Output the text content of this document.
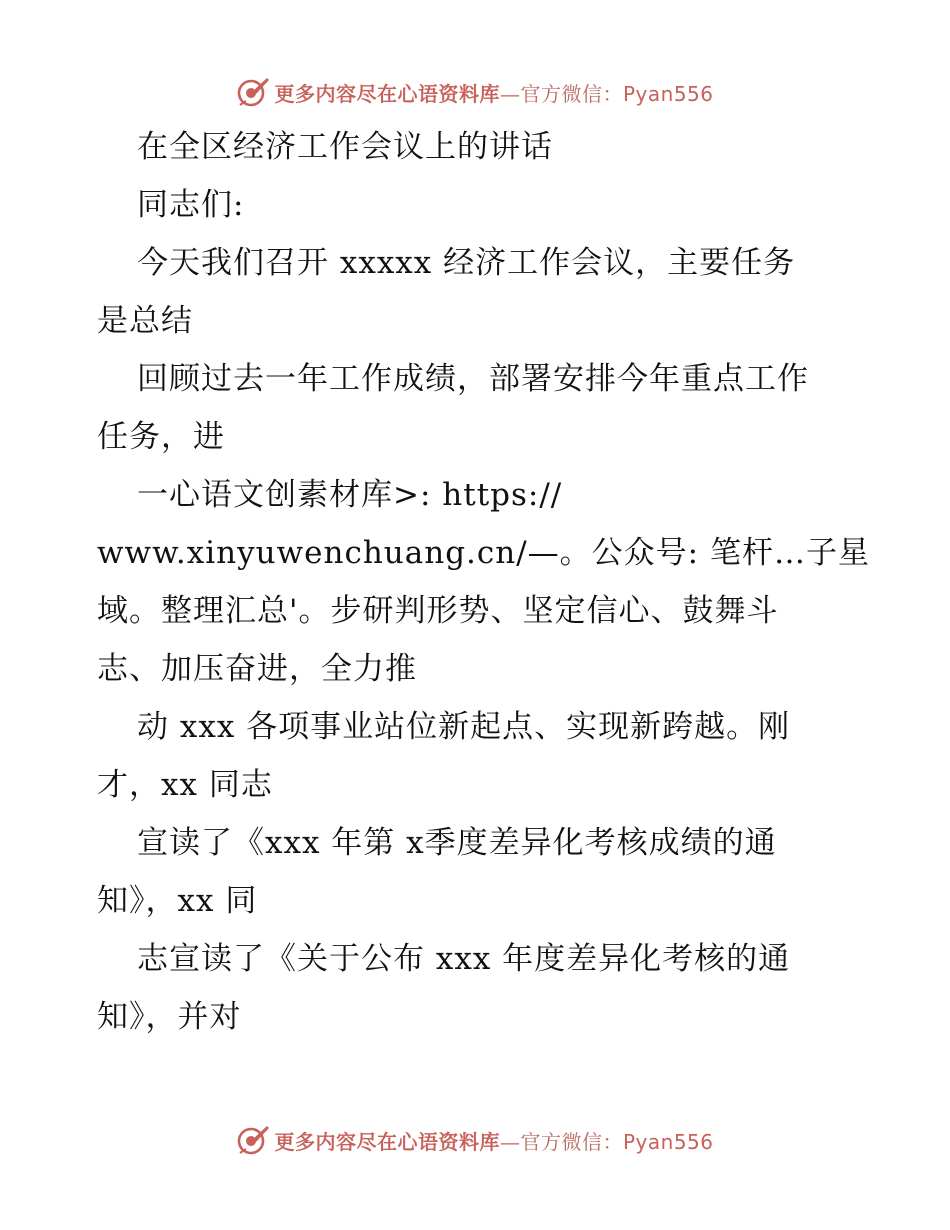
更多内容尽在心语资料库—官方微信：Pyan556
在全区经济工作会议上的讲话
同志们:
今天我们召开 xxxxx 经济工作会议，主要任务
是总结
回顾过去一年工作成绩，部署安排今年重点工作
任务，进
一心语文创素材库>: https://
www.xinyuwenchuang.cn/—。公众号: 笔杆…子星
域。整理汇总'。步研判形势、坚定信心、鼓舞斗
志、加压奋进，全力推
动 xxx 各项事业站位新起点、实现新跨越。刚
才，xx 同志
宣读了《xxx 年第 x季度差异化考核成绩的通
知》，xx 同
志宣读了《关于公布 xxx 年度差异化考核的通
知》，并对
更多内容尽在心语资料库—官方微信：Pyan556
